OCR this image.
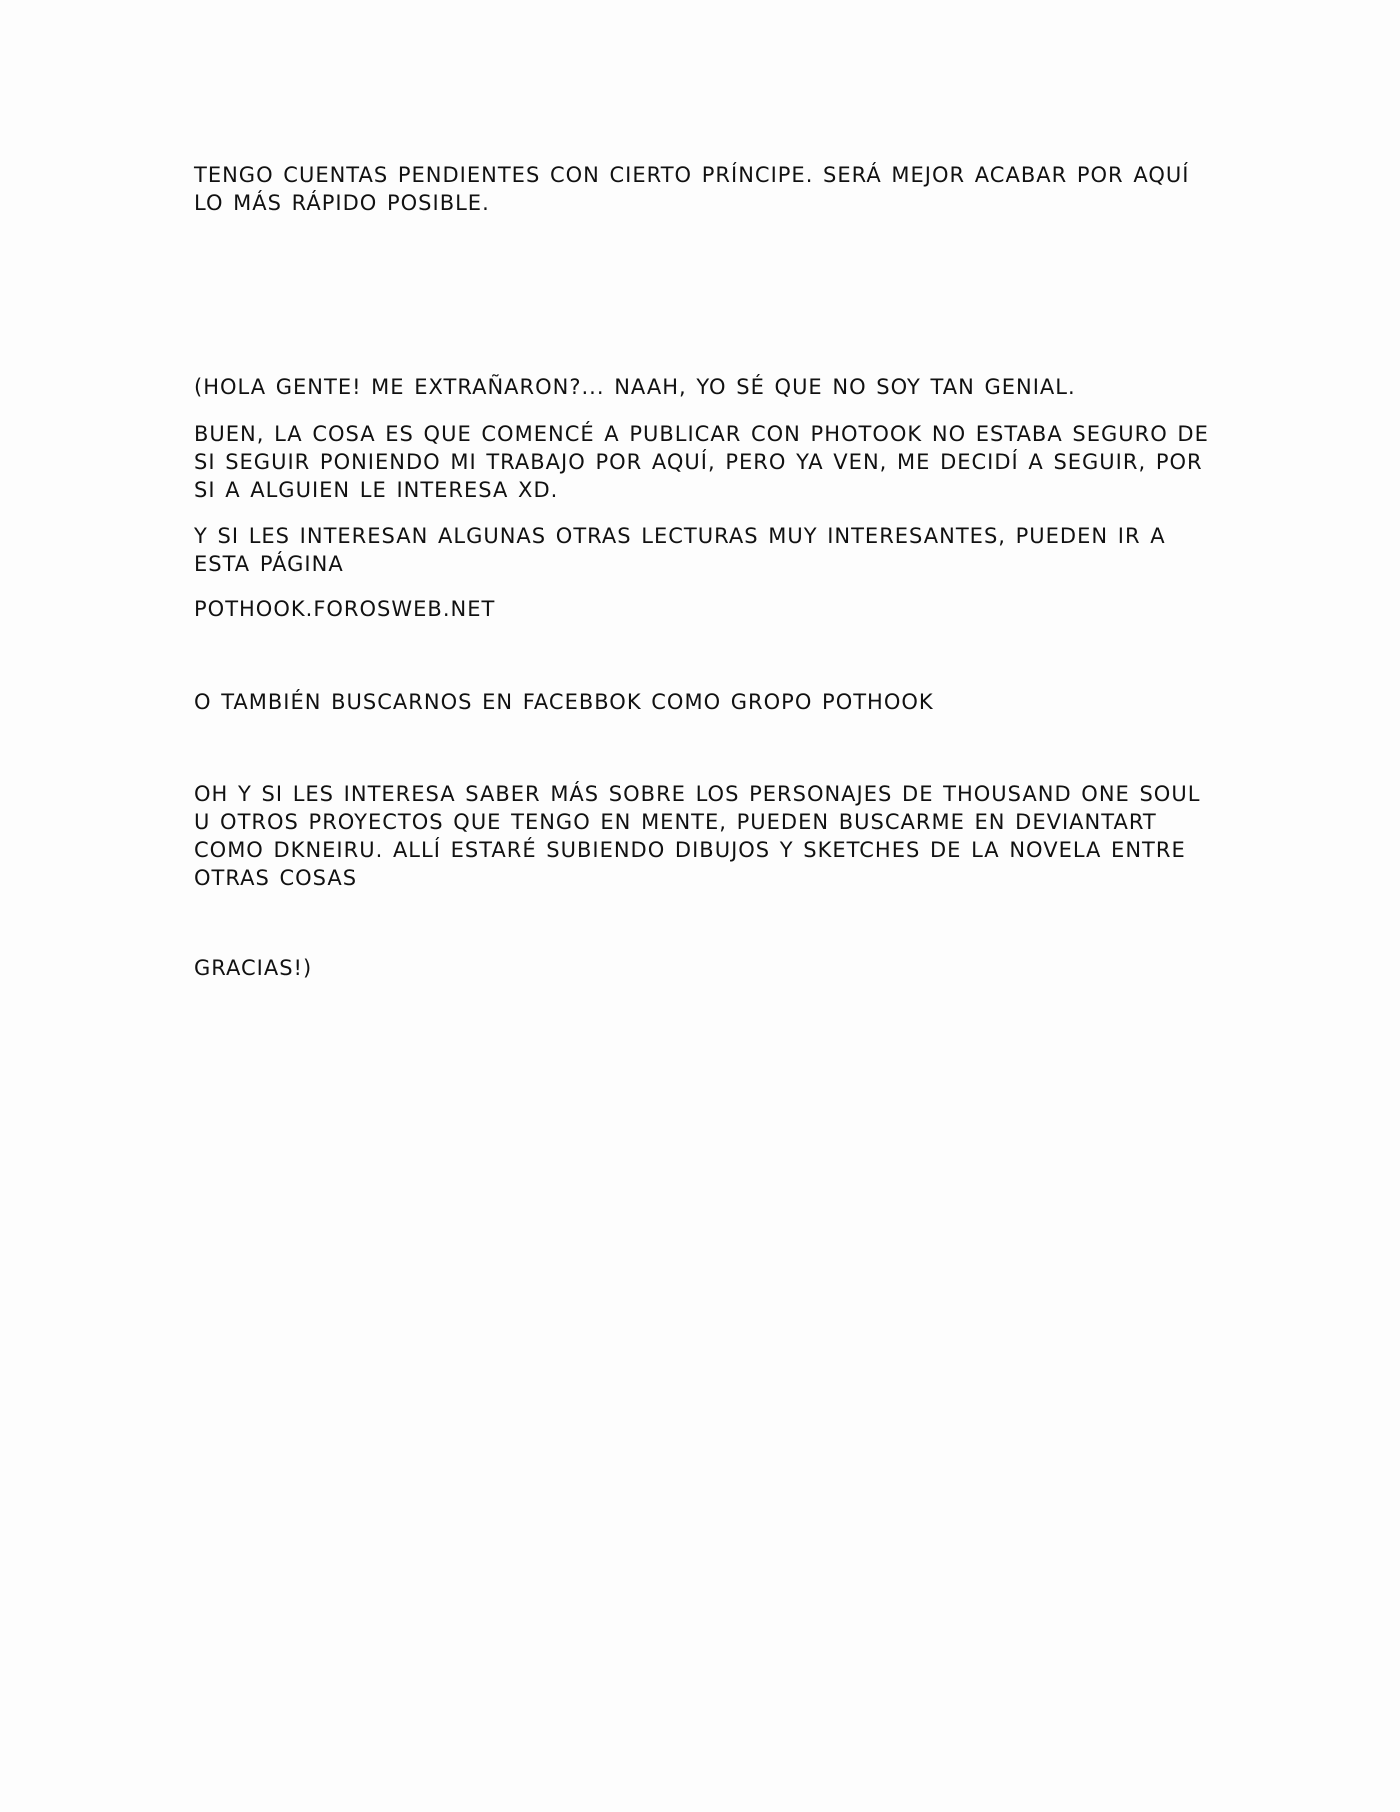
TENGO CUENTAS PENDIENTES CON CIERTO PRÍNCIPE. SERÁ MEJOR ACABAR POR AQUÍ LO MÁS RÁPIDO POSIBLE.

(HOLA GENTE! ME EXTRAÑARON?... NAAH, YO SÉ QUE NO SOY TAN GENIAL.

BUEN, LA COSA ES QUE COMENCÉ A PUBLICAR CON PHOTOOK NO ESTABA SEGURO DE SI SEGUIR PONIENDO MI TRABAJO POR AQUÍ, PERO YA VEN, ME DECIDÍ A SEGUIR, POR SI A ALGUIEN LE INTERESA XD.

Y SI LES INTERESAN ALGUNAS OTRAS LECTURAS MUY INTERESANTES, PUEDEN IR A ESTA PÁGINA

POTHOOK.FOROSWEB.NET

O TAMBIÉN BUSCARNOS EN FACEBBOK COMO GROPO POTHOOK

OH Y SI LES INTERESA SABER MÁS SOBRE LOS PERSONAJES DE THOUSAND ONE SOUL U OTROS PROYECTOS QUE TENGO EN MENTE, PUEDEN BUSCARME EN DEVIANTART COMO DKNEIRU. ALLÍ ESTARÉ SUBIENDO DIBUJOS Y SKETCHES DE LA NOVELA ENTRE OTRAS COSAS

GRACIAS!)
